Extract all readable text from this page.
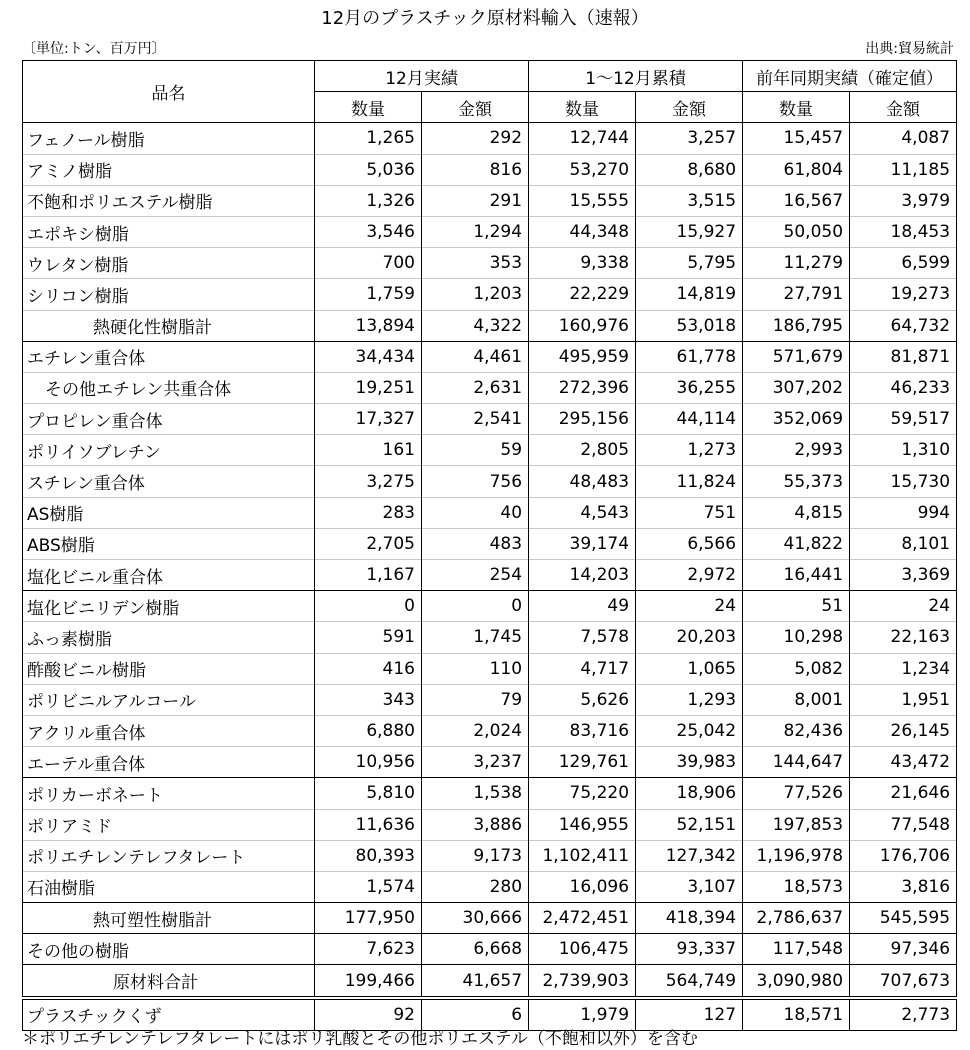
12月のプラスチック原材料輸入（速報）
〔単位:トン、百万円〕	出典:貿易統計
品名	12月実績		1～12月累積		前年同期実績（確定値）	
	数量	金額	数量	金額	数量	金額
フェノール樹脂	1,265	292	12,744	3,257	15,457	4,087
アミノ樹脂	5,036	816	53,270	8,680	61,804	11,185
不飽和ポリエステル樹脂	1,326	291	15,555	3,515	16,567	3,979
エポキシ樹脂	3,546	1,294	44,348	15,927	50,050	18,453
ウレタン樹脂	700	353	9,338	5,795	11,279	6,599
シリコン樹脂	1,759	1,203	22,229	14,819	27,791	19,273
熱硬化性樹脂計	13,894	4,322	160,976	53,018	186,795	64,732
エチレン重合体	34,434	4,461	495,959	61,778	571,679	81,871
その他エチレン共重合体	19,251	2,631	272,396	36,255	307,202	46,233
プロピレン重合体	17,327	2,541	295,156	44,114	352,069	59,517
ポリイソブレチン	161	59	2,805	1,273	2,993	1,310
スチレン重合体	3,275	756	48,483	11,824	55,373	15,730
AS樹脂	283	40	4,543	751	4,815	994
ABS樹脂	2,705	483	39,174	6,566	41,822	8,101
塩化ビニル重合体	1,167	254	14,203	2,972	16,441	3,369
塩化ビニリデン樹脂	0	0	49	24	51	24
ふっ素樹脂	591	1,745	7,578	20,203	10,298	22,163
酢酸ビニル樹脂	416	110	4,717	1,065	5,082	1,234
ポリビニルアルコール	343	79	5,626	1,293	8,001	1,951
アクリル重合体	6,880	2,024	83,716	25,042	82,436	26,145
エーテル重合体	10,956	3,237	129,761	39,983	144,647	43,472
ポリカーボネート	5,810	1,538	75,220	18,906	77,526	21,646
ポリアミド	11,636	3,886	146,955	52,151	197,853	77,548
ポリエチレンテレフタレート	80,393	9,173	1,102,411	127,342	1,196,978	176,706
石油樹脂	1,574	280	16,096	3,107	18,573	3,816
熱可塑性樹脂計	177,950	30,666	2,472,451	418,394	2,786,637	545,595
その他の樹脂	7,623	6,668	106,475	93,337	117,548	97,346
原材料合計	199,466	41,657	2,739,903	564,749	3,090,980	707,673
プラスチックくず	92	6	1,979	127	18,571	2,773
＊ポリエチレンテレフタレートにはポリ乳酸とその他ポリエステル（不飽和以外）を含む
